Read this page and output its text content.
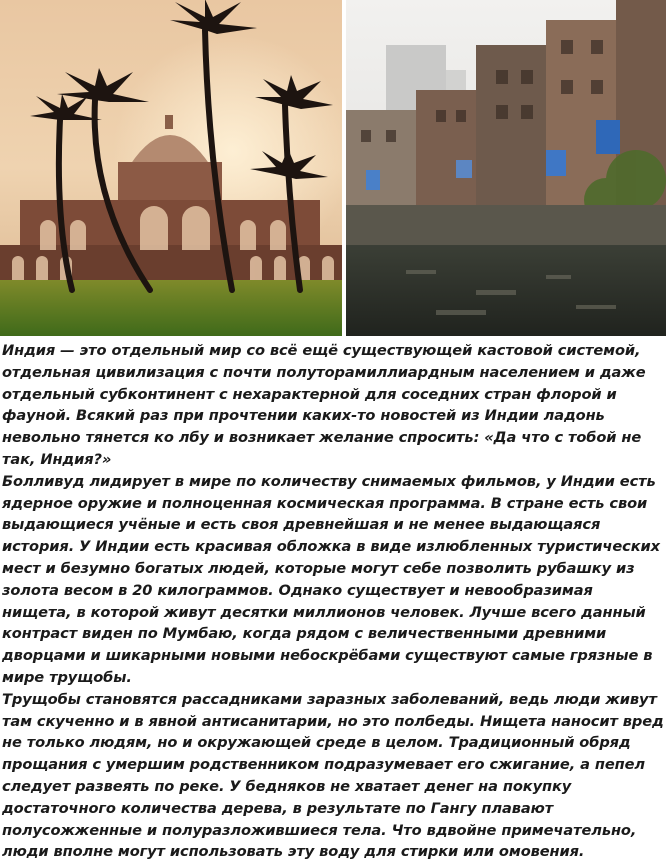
Индия — это отдельный мир со всё ещё существующей кастовой системой, отдельная цивилизация с почти полуторамиллиардным населением и даже отдельный субконтинент с нехарактерной для соседних стран флорой и фауной. Всякий раз при прочтении каких-то новостей из Индии ладонь невольно тянется ко лбу и возникает желание спросить: «Да что с тобой не так, Индия?»

Болливуд лидирует в мире по количеству снимаемых фильмов, у Индии есть ядерное оружие и полноценная космическая программа. В стране есть свои выдающиеся учёные и есть своя древнейшая и не менее выдающаяся история. У Индии есть красивая обложка в виде излюбленных туристических мест и безумно богатых людей, которые могут себе позволить рубашку из золота весом в 20 килограммов. Однако существует и невообразимая нищета, в которой живут десятки миллионов человек. Лучше всего данный контраст виден по Мумбаю, когда рядом с величественными древними дворцами и шикарными новыми небоскрёбами существуют самые грязные в мире трущобы.

Трущобы становятся рассадниками заразных заболеваний, ведь люди живут там скученно и в явной антисанитарии, но это полбеды. Нищета наносит вред не только людям, но и окружающей среде в целом. Традиционный обряд прощания с умершим родственником подразумевает его сжигание, а пепел следует развеять по реке. У бедняков не хватает денег на покупку достаточного количества дерева, в результате по Гангу плавают полусожженные и полуразложившиеся тела. Что вдвойне примечательно, люди вполне могут использовать эту воду для стирки или омовения.
